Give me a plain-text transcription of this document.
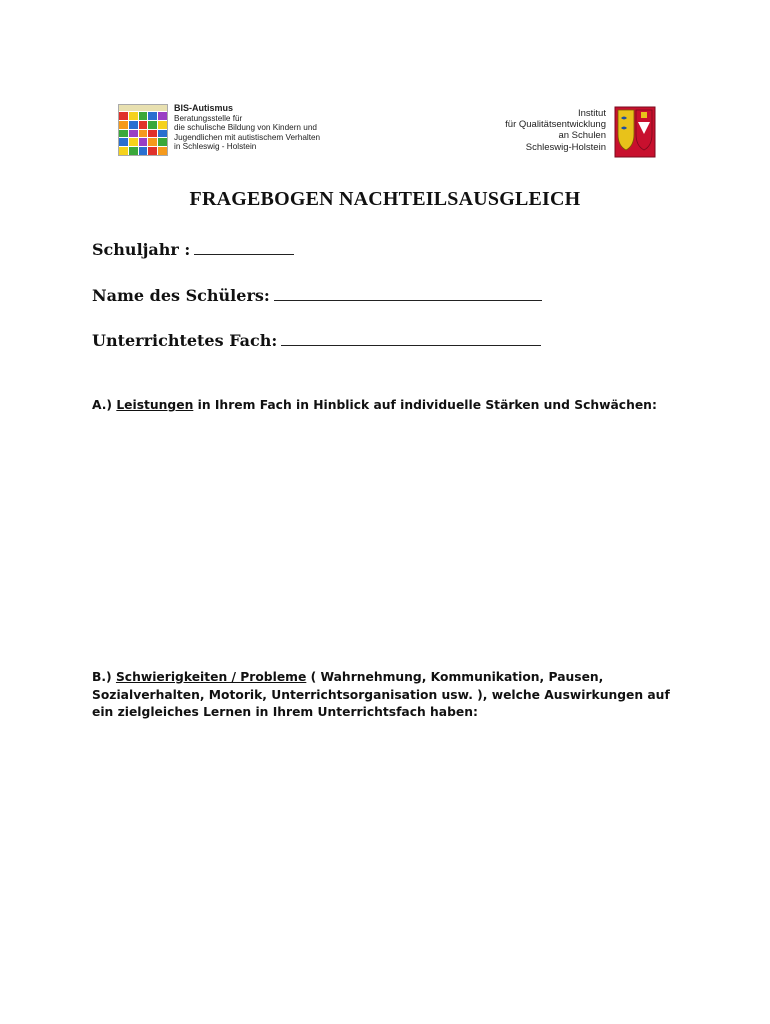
BIS-Autismus
Beratungsstelle für
die schulische Bildung von Kindern und
Jugendlichen mit autistischem Verhalten
in Schleswig - Holstein
Institut
für Qualitätsentwicklung
an Schulen
Schleswig-Holstein
FRAGEBOGEN NACHTEILSAUSGLEICH
Schuljahr :
Name des Schülers:
Unterrichtetes Fach:
A.) Leistungen in Ihrem Fach in Hinblick auf individuelle Stärken und Schwächen:
B.) Schwierigkeiten / Probleme ( Wahrnehmung, Kommunikation, Pausen, Sozialverhalten, Motorik, Unterrichtsorganisation usw. ), welche Auswirkungen auf ein zielgleiches Lernen in Ihrem Unterrichtsfach haben:
